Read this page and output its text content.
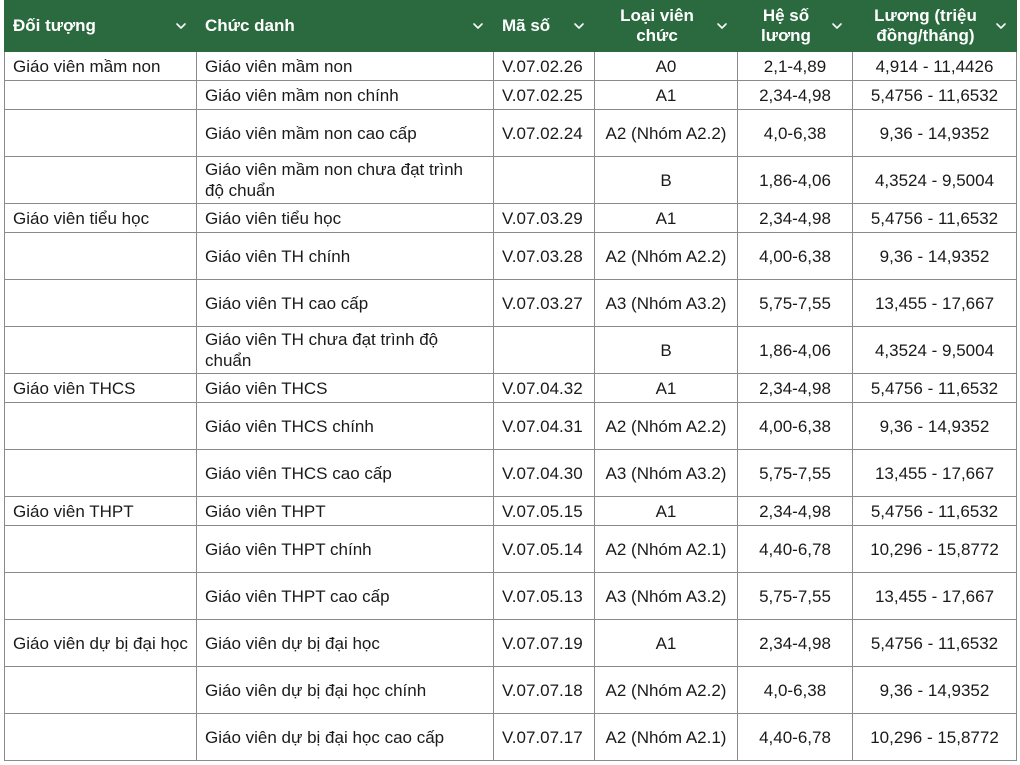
Đối tượng	Chức danh	Mã số	Loại viên chức	Hệ số lương	Lương (triệu đồng/tháng)

Giáo viên mầm non	Giáo viên mầm non	V.07.02.26	A0	2,1-4,89	4,914 - 11,4426

	Giáo viên mầm non chính	V.07.02.25	A1	2,34-4,98	5,4756 - 11,6532

	Giáo viên mầm non cao cấp	V.07.02.24	A2 (Nhóm A2.2)	4,0-6,38	9,36 - 14,9352

	Giáo viên mầm non chưa đạt trình độ chuẩn		B	1,86-4,06	4,3524 - 9,5004

Giáo viên tiểu học	Giáo viên tiểu học	V.07.03.29	A1	2,34-4,98	5,4756 - 11,6532

	Giáo viên TH chính	V.07.03.28	A2 (Nhóm A2.2)	4,00-6,38	9,36 - 14,9352

	Giáo viên TH cao cấp	V.07.03.27	A3 (Nhóm A3.2)	5,75-7,55	13,455 - 17,667

	Giáo viên TH chưa đạt trình độ chuẩn		B	1,86-4,06	4,3524 - 9,5004

Giáo viên THCS	Giáo viên THCS	V.07.04.32	A1	2,34-4,98	5,4756 - 11,6532

	Giáo viên THCS chính	V.07.04.31	A2 (Nhóm A2.2)	4,00-6,38	9,36 - 14,9352

	Giáo viên THCS cao cấp	V.07.04.30	A3 (Nhóm A3.2)	5,75-7,55	13,455 - 17,667

Giáo viên THPT	Giáo viên THPT	V.07.05.15	A1	2,34-4,98	5,4756 - 11,6532

	Giáo viên THPT chính	V.07.05.14	A2 (Nhóm A2.1)	4,40-6,78	10,296 - 15,8772

	Giáo viên THPT cao cấp	V.07.05.13	A3 (Nhóm A3.2)	5,75-7,55	13,455 - 17,667

Giáo viên dự bị đại học	Giáo viên dự bị đại học	V.07.07.19	A1	2,34-4,98	5,4756 - 11,6532

	Giáo viên dự bị đại học chính	V.07.07.18	A2 (Nhóm A2.2)	4,0-6,38	9,36 - 14,9352

	Giáo viên dự bị đại học cao cấp	V.07.07.17	A2 (Nhóm A2.1)	4,40-6,78	10,296 - 15,8772
